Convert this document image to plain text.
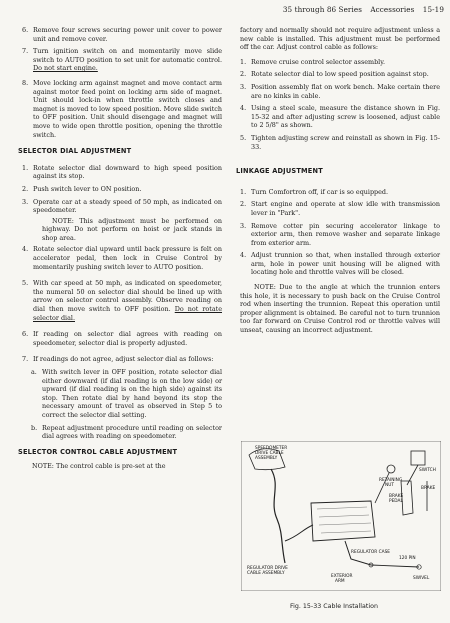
35 through 86 Series Accessories 15-19
6. Remove four screws securing power unit cover to power unit and remove cover.
7. Turn ignition switch on and momentarily move slide switch to AUTO position to set unit for automatic control. Do not start engine.
8. Move locking arm against magnet and move contact arm against motor feed point on locking arm side of magnet. Unit should lock-in when throttle switch closes and magnet is moved to low speed position. Move slide switch to OFF position. Unit should disengage and magnet will move to wide open throttle position, opening the throttle switch.
SELECTOR DIAL ADJUSTMENT
1. Rotate selector dial downward to high speed position against its stop.
2. Push switch lever to ON position.
3. Operate car at a steady speed of 50 mph, as indicated on speedometer.
NOTE: This adjustment must be performed on highway. Do not perform on hoist or jack stands in shop area.
4. Rotate selector dial upward until back pressure is felt on accelerator pedal, then lock in Cruise Control by momentarily pushing switch lever to AUTO position.
5. With car speed at 50 mph, as indicated on speedometer, the numeral 50 on selector dial should be lined up with arrow on selector control assembly. Observe reading on dial then move switch to OFF position. Do not rotate selector dial.
6. If reading on selector dial agrees with reading on speedometer, selector dial is properly adjusted.
7. If readings do not agree, adjust selector dial as follows:
a. With switch lever in OFF position, rotate selector dial either downward (if dial reading is on the low side) or upward (if dial reading is on the high side) against its stop. Then rotate dial by hand beyond its stop the necessary amount of travel as observed in Step 5 to correct the selector dial setting.
b. Repeat adjustment procedure until reading on selector dial agrees with reading on speedometer.
SELECTOR CONTROL CABLE ADJUSTMENT
NOTE: The control cable is pre-set at the
factory and normally should not require adjustment unless a new cable is installed. This adjustment must be performed off the car. Adjust control cable as follows:
1. Remove cruise control selector assembly.
2. Rotate selector dial to low speed position against stop.
3. Position assembly flat on work bench. Make certain there are no kinks in cable.
4. Using a steel scale, measure the distance shown in Fig. 15-32 and after adjusting screw is loosened, adjust cable to 2 5/8" as shown.
5. Tighten adjusting screw and reinstall as shown in Fig. 15-33.
LINKAGE ADJUSTMENT
1. Turn Comfortron off, if car is so equipped.
2. Start engine and operate at slow idle with transmission lever in "Park".
3. Remove cotter pin securing accelerator linkage to exterior arm, then remove washer and separate linkage from exterior arm.
4. Adjust trunnion so that, when installed through exterior arm, hole in power unit housing will be aligned with locating hole and throttle valves will be closed.
NOTE: Due to the angle at which the trunnion enters this hole, it is necessary to push back on the Cruise Control rod when inserting the trunnion. Repeat this operation until proper alignment is obtained. Be careful not to turn trunnion too far forward on Cruise Control rod or throttle valves will unseat, causing an incorrect adjustment.
SPEEDOMETER
DRIVE CABLE
ASSEMBLY
RETAINING
NUT
SWITCH
BRAKE
PEDAL
BRAKE
REGULATOR CASE
REGULATOR DRIVE
CABLE ASSEMBLY
EXTERIOR
ARM
120 PIN
SWIVEL
Fig. 15-33 Cable Installation
